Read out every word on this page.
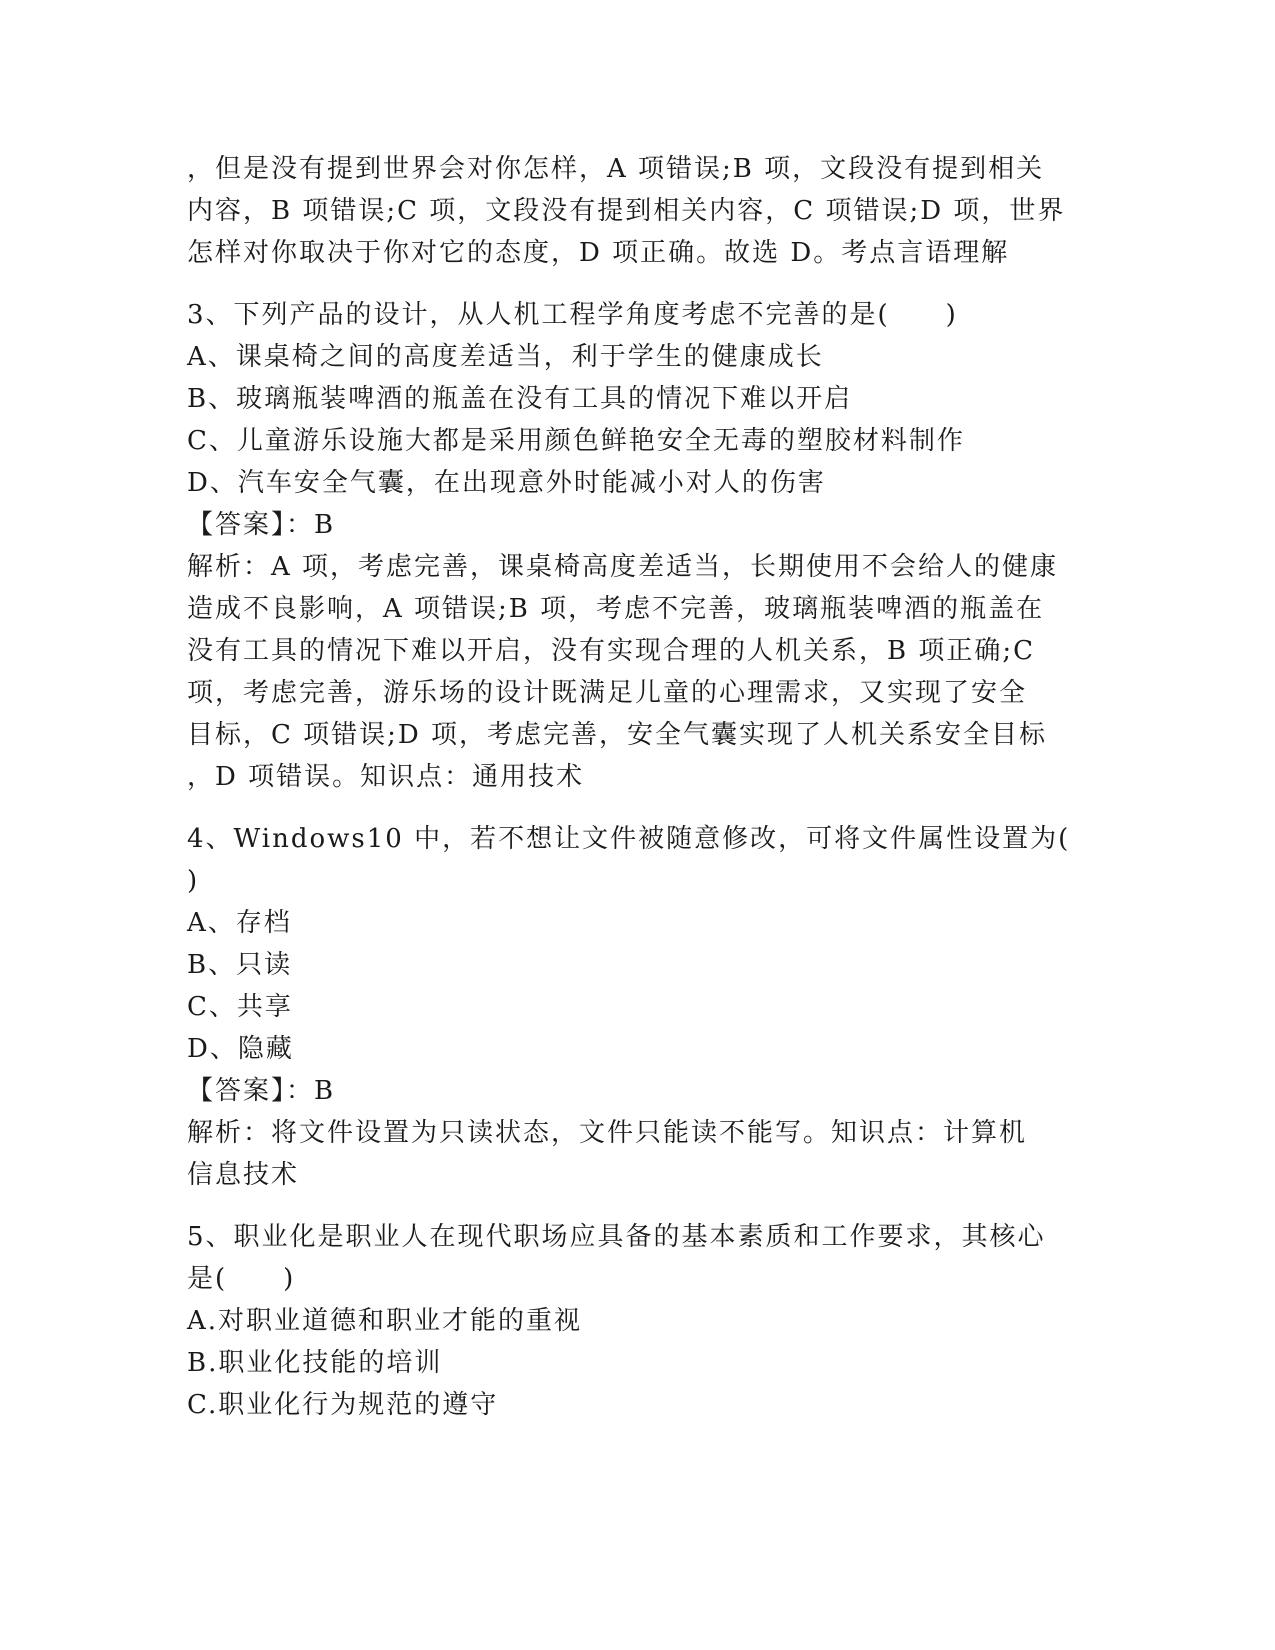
，但是没有提到世界会对你怎样，A 项错误;B 项，文段没有提到相关
内容，B 项错误;C 项，文段没有提到相关内容，C 项错误;D 项，世界
怎样对你取决于你对它的态度，D 项正确。故选 D。考点言语理解
3、下列产品的设计，从人机工程学角度考虑不完善的是(　　)
A、课桌椅之间的高度差适当，利于学生的健康成长
B、玻璃瓶装啤酒的瓶盖在没有工具的情况下难以开启
C、儿童游乐设施大都是采用颜色鲜艳安全无毒的塑胶材料制作
D、汽车安全气囊，在出现意外时能减小对人的伤害
【答案】：B
解析：A 项，考虑完善，课桌椅高度差适当，长期使用不会给人的健康
造成不良影响，A 项错误;B 项，考虑不完善，玻璃瓶装啤酒的瓶盖在
没有工具的情况下难以开启，没有实现合理的人机关系，B 项正确;C
项，考虑完善，游乐场的设计既满足儿童的心理需求，又实现了安全
目标，C 项错误;D 项，考虑完善，安全气囊实现了人机关系安全目标
，D 项错误。知识点：通用技术
4、Windows10 中，若不想让文件被随意修改，可将文件属性设置为(
)
A、存档
B、只读
C、共享
D、隐藏
【答案】：B
解析：将文件设置为只读状态，文件只能读不能写。知识点：计算机
信息技术
5、职业化是职业人在现代职场应具备的基本素质和工作要求，其核心
是(　　)
A.对职业道德和职业才能的重视
B.职业化技能的培训
C.职业化行为规范的遵守
